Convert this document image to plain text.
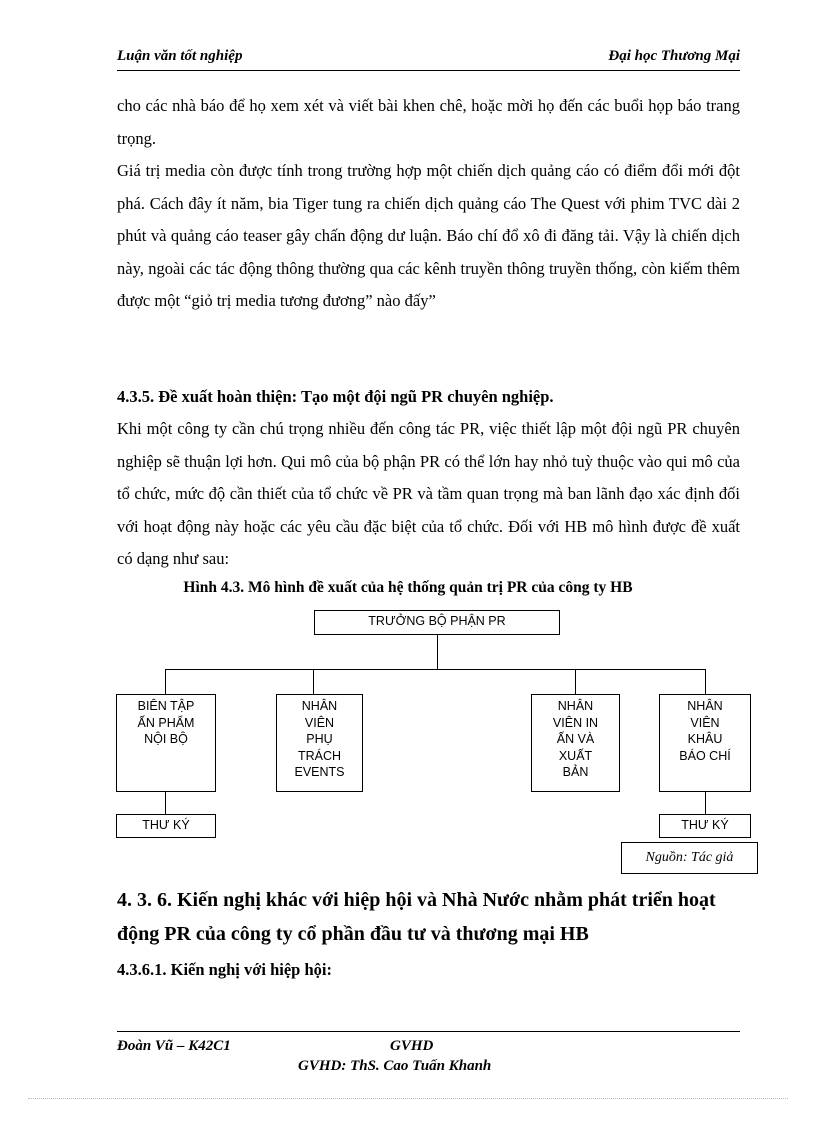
Luận văn tốt nghiệp	Đại học Thương Mại

cho các nhà báo để họ xem xét và viết bài khen chê, hoặc mời họ đến các buổi họp báo trang trọng.

Giá trị media còn được tính trong trường hợp một chiến dịch quảng cáo có điểm đổi mới đột phá. Cách đây ít năm, bia Tiger tung ra chiến dịch quảng cáo The Quest với phim TVC dài 2 phút và quảng cáo teaser gây chấn động dư luận. Báo chí đổ xô đi đăng tải. Vậy là chiến dịch này, ngoài các tác động thông thường qua các kênh truyền thông truyền thống, còn kiếm thêm được một “giỏ trị media tương đương” nào đấy”

4.3.5. Đề xuất hoàn thiện: Tạo một đội ngũ PR chuyên nghiệp.

Khi một công ty cần chú trọng nhiều đến công tác PR, việc thiết lập một đội ngũ PR chuyên nghiệp sẽ thuận lợi hơn. Qui mô của bộ phận PR có thể lớn hay nhỏ tuỳ thuộc vào qui mô của tổ chức, mức độ cần thiết của tổ chức về PR và tầm quan trọng mà ban lãnh đạo xác định đối với hoạt động này hoặc các yêu cầu đặc biệt của tổ chức. Đối với HB mô hình được đề xuất có dạng như sau:

Hình 4.3. Mô hình đề xuất của hệ thống quản trị PR của công ty HB

TRƯỞNG BỘ PHẬN PR
BIÊN TẬP
ẤN PHẨM
NỘI BỘ
NHÂN
VIÊN
PHỤ
TRÁCH
EVENTS
NHÂN
VIÊN IN
ẤN VÀ
XUẤT
BẢN
NHÂN
VIÊN
KHÂU
BÁO CHÍ
THƯ KÝ	THƯ KÝ
Nguồn: Tác giả

4. 3. 6. Kiến nghị khác với hiệp hội và Nhà Nước nhằm phát triển hoạt động PR của công ty cổ phần đầu tư và thương mại HB

4.3.6.1. Kiến nghị với hiệp hội:

Đoàn Vũ – K42C1	GVHD
GVHD: ThS. Cao Tuấn Khanh
